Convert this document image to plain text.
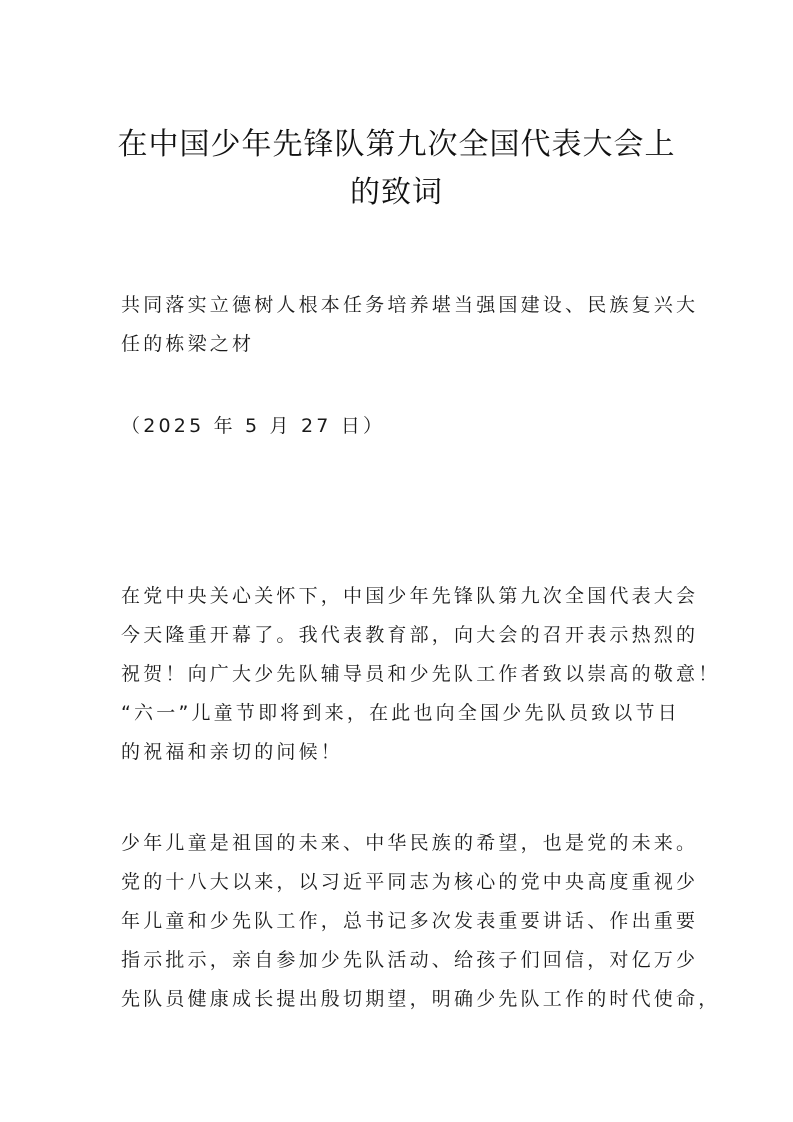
在中国少年先锋队第九次全国代表大会上
的致词
共同落实立德树人根本任务培养堪当强国建设、民族复兴大
任的栋梁之材
（2025 年 5 月 27 日）
在党中央关心关怀下，中国少年先锋队第九次全国代表大会
今天隆重开幕了。我代表教育部，向大会的召开表示热烈的
祝贺！向广大少先队辅导员和少先队工作者致以崇高的敬意！
“六一”儿童节即将到来，在此也向全国少先队员致以节日
的祝福和亲切的问候！
少年儿童是祖国的未来、中华民族的希望，也是党的未来。
党的十八大以来，以习近平同志为核心的党中央高度重视少
年儿童和少先队工作，总书记多次发表重要讲话、作出重要
指示批示，亲自参加少先队活动、给孩子们回信，对亿万少
先队员健康成长提出殷切期望，明确少先队工作的时代使命，
